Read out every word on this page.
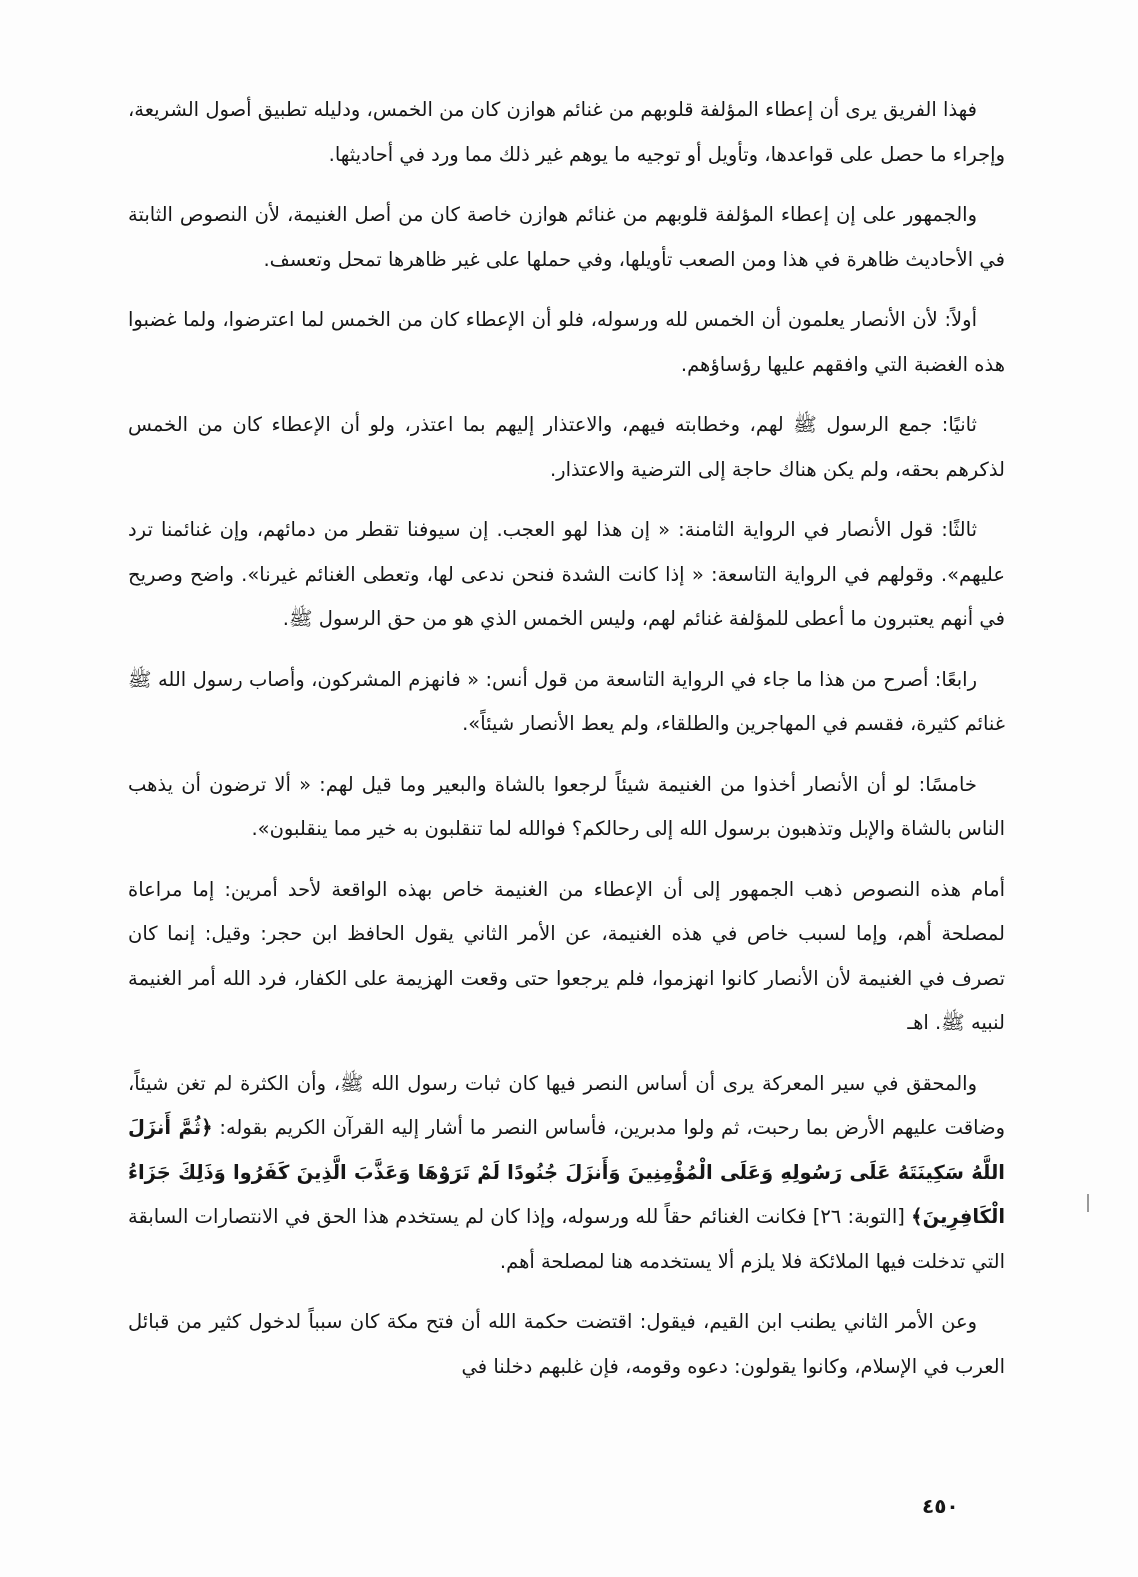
فهذا الفريق يرى أن إعطاء المؤلفة قلوبهم من غنائم هوازن كان من الخمس، ودليله تطبيق أصول الشريعة، وإجراء ما حصل على قواعدها، وتأويل أو توجيه ما يوهم غير ذلك مما ورد في أحاديثها.

والجمهور على إن إعطاء المؤلفة قلوبهم من غنائم هوازن خاصة كان من أصل الغنيمة، لأن النصوص الثابتة في الأحاديث ظاهرة في هذا ومن الصعب تأويلها، وفي حملها على غير ظاهرها تمحل وتعسف.

أولاً: لأن الأنصار يعلمون أن الخمس لله ورسوله، فلو أن الإعطاء كان من الخمس لما اعترضوا، ولما غضبوا هذه الغضبة التي وافقهم عليها رؤساؤهم.

ثانيًا: جمع الرسول ﷺ لهم، وخطابته فيهم، والاعتذار إليهم بما اعتذر، ولو أن الإعطاء كان من الخمس لذكرهم بحقه، ولم يكن هناك حاجة إلى الترضية والاعتذار.

ثالثًا: قول الأنصار في الرواية الثامنة: « إن هذا لهو العجب. إن سيوفنا تقطر من دمائهم، وإن غنائمنا ترد عليهم». وقولهم في الرواية التاسعة: « إذا كانت الشدة فنحن ندعى لها، وتعطى الغنائم غيرنا». واضح وصريح في أنهم يعتبرون ما أعطى للمؤلفة غنائم لهم، وليس الخمس الذي هو من حق الرسول ﷺ.

رابعًا: أصرح من هذا ما جاء في الرواية التاسعة من قول أنس: « فانهزم المشركون، وأصاب رسول الله ﷺ غنائم كثيرة، فقسم في المهاجرين والطلقاء، ولم يعط الأنصار شيئاً».

خامسًا: لو أن الأنصار أخذوا من الغنيمة شيئاً لرجعوا بالشاة والبعير وما قيل لهم: « ألا ترضون أن يذهب الناس بالشاة والإبل وتذهبون برسول الله إلى رحالكم؟ فوالله لما تنقلبون به خير مما ينقلبون».

أمام هذه النصوص ذهب الجمهور إلى أن الإعطاء من الغنيمة خاص بهذه الواقعة لأحد أمرين: إما مراعاة لمصلحة أهم، وإما لسبب خاص في هذه الغنيمة، عن الأمر الثاني يقول الحافظ ابن حجر: وقيل: إنما كان تصرف في الغنيمة لأن الأنصار كانوا انهزموا، فلم يرجعوا حتى وقعت الهزيمة على الكفار، فرد الله أمر الغنيمة لنبيه ﷺ. اهـ

والمحقق في سير المعركة يرى أن أساس النصر فيها كان ثبات رسول الله ﷺ، وأن الكثرة لم تغن شيئاً، وضاقت عليهم الأرض بما رحبت، ثم ولوا مدبرين، فأساس النصر ما أشار إليه القرآن الكريم بقوله: ﴿ثُمَّ أَنزَلَ اللَّهُ سَكِينَتَهُ عَلَى رَسُولِهِ وَعَلَى الْمُؤْمِنِينَ وَأَنزَلَ جُنُودًا لَمْ تَرَوْهَا وَعَذَّبَ الَّذِينَ كَفَرُوا وَذَلِكَ جَزَاءُ الْكَافِرِينَ﴾ [التوبة: ٢٦] فكانت الغنائم حقاً لله ورسوله، وإذا كان لم يستخدم هذا الحق في الانتصارات السابقة التي تدخلت فيها الملائكة فلا يلزم ألا يستخدمه هنا لمصلحة أهم.

وعن الأمر الثاني يطنب ابن القيم، فيقول: اقتضت حكمة الله أن فتح مكة كان سبباً لدخول كثير من قبائل العرب في الإسلام، وكانوا يقولون: دعوه وقومه، فإن غلبهم دخلنا في

٤٥٠
